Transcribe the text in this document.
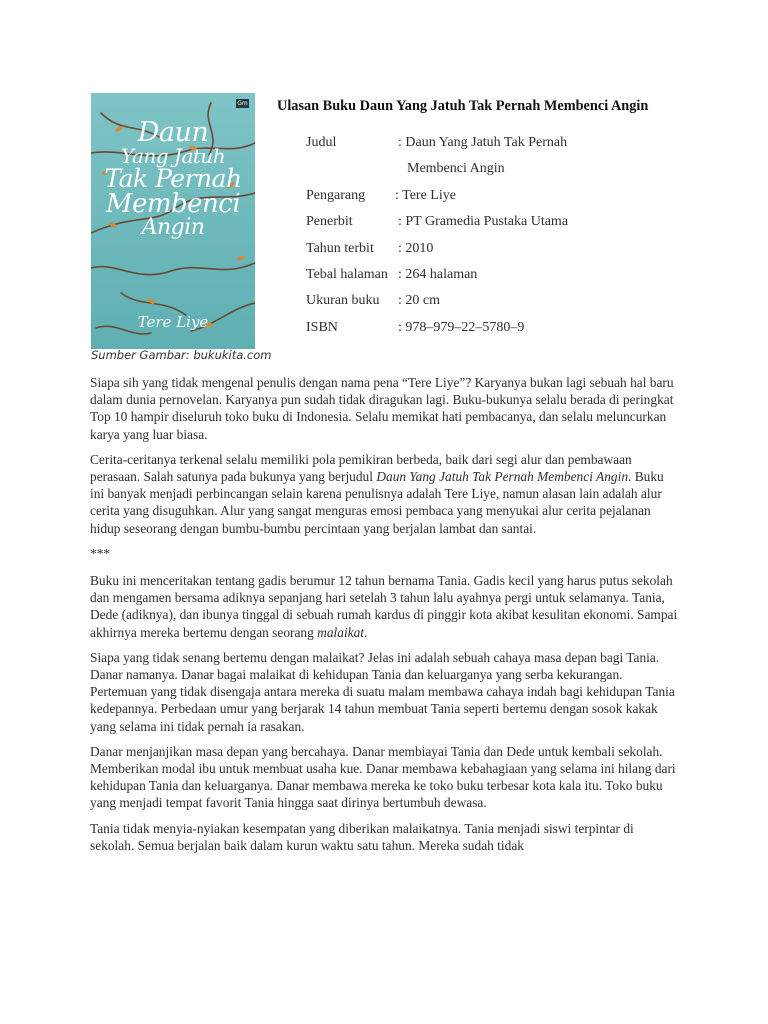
Gm
Daun
Yang Jatuh
Tak Pernah
Membenci
Angin
Tere Liye
Sumber Gambar: bukukita.com
Ulasan Buku Daun Yang Jatuh Tak Pernah Membenci Angin
Judul	: Daun Yang Jatuh Tak Pernah
Membenci Angin
Pengarang : Tere Liye
Penerbit	: PT Gramedia Pustaka Utama
Tahun terbit : 2010
Tebal halaman : 264 halaman
Ukuran buku : 20 cm
ISBN	: 978–979–22–5780–9

Siapa sih yang tidak mengenal penulis dengan nama pena “Tere Liye”? Karyanya bukan lagi sebuah hal baru dalam dunia pernovelan. Karyanya pun sudah tidak diragukan lagi. Buku-bukunya selalu berada di peringkat Top 10 hampir diseluruh toko buku di Indonesia. Selalu memikat hati pembacanya, dan selalu meluncurkan karya yang luar biasa.

Cerita-ceritanya terkenal selalu memiliki pola pemikiran berbeda, baik dari segi alur dan pembawaan perasaan. Salah satunya pada bukunya yang berjudul Daun Yang Jatuh Tak Pernah Membenci Angin. Buku ini banyak menjadi perbincangan selain karena penulisnya adalah Tere Liye, namun alasan lain adalah alur cerita yang disuguhkan. Alur yang sangat menguras emosi pembaca yang menyukai alur cerita pejalanan hidup seseorang dengan bumbu-bumbu percintaan yang berjalan lambat dan santai.

***

Buku ini menceritakan tentang gadis berumur 12 tahun bernama Tania. Gadis kecil yang harus putus sekolah dan mengamen bersama adiknya sepanjang hari setelah 3 tahun lalu ayahnya pergi untuk selamanya. Tania, Dede (adiknya), dan ibunya tinggal di sebuah rumah kardus di pinggir kota akibat kesulitan ekonomi. Sampai akhirnya mereka bertemu dengan seorang malaikat.

Siapa yang tidak senang bertemu dengan malaikat? Jelas ini adalah sebuah cahaya masa depan bagi Tania. Danar namanya. Danar bagai malaikat di kehidupan Tania dan keluarganya yang serba kekurangan. Pertemuan yang tidak disengaja antara mereka di suatu malam membawa cahaya indah bagi kehidupan Tania kedepannya. Perbedaan umur yang berjarak 14 tahun membuat Tania seperti bertemu dengan sosok kakak yang selama ini tidak pernah ia rasakan.

Danar menjanjikan masa depan yang bercahaya. Danar membiayai Tania dan Dede untuk kembali sekolah. Memberikan modal ibu untuk membuat usaha kue. Danar membawa kebahagiaan yang selama ini hilang dari kehidupan Tania dan keluarganya. Danar membawa mereka ke toko buku terbesar kota kala itu. Toko buku yang menjadi tempat favorit Tania hingga saat dirinya bertumbuh dewasa.

Tania tidak menyia-nyiakan kesempatan yang diberikan malaikatnya. Tania menjadi siswi terpintar di sekolah. Semua berjalan baik dalam kurun waktu satu tahun. Mereka sudah tidak
